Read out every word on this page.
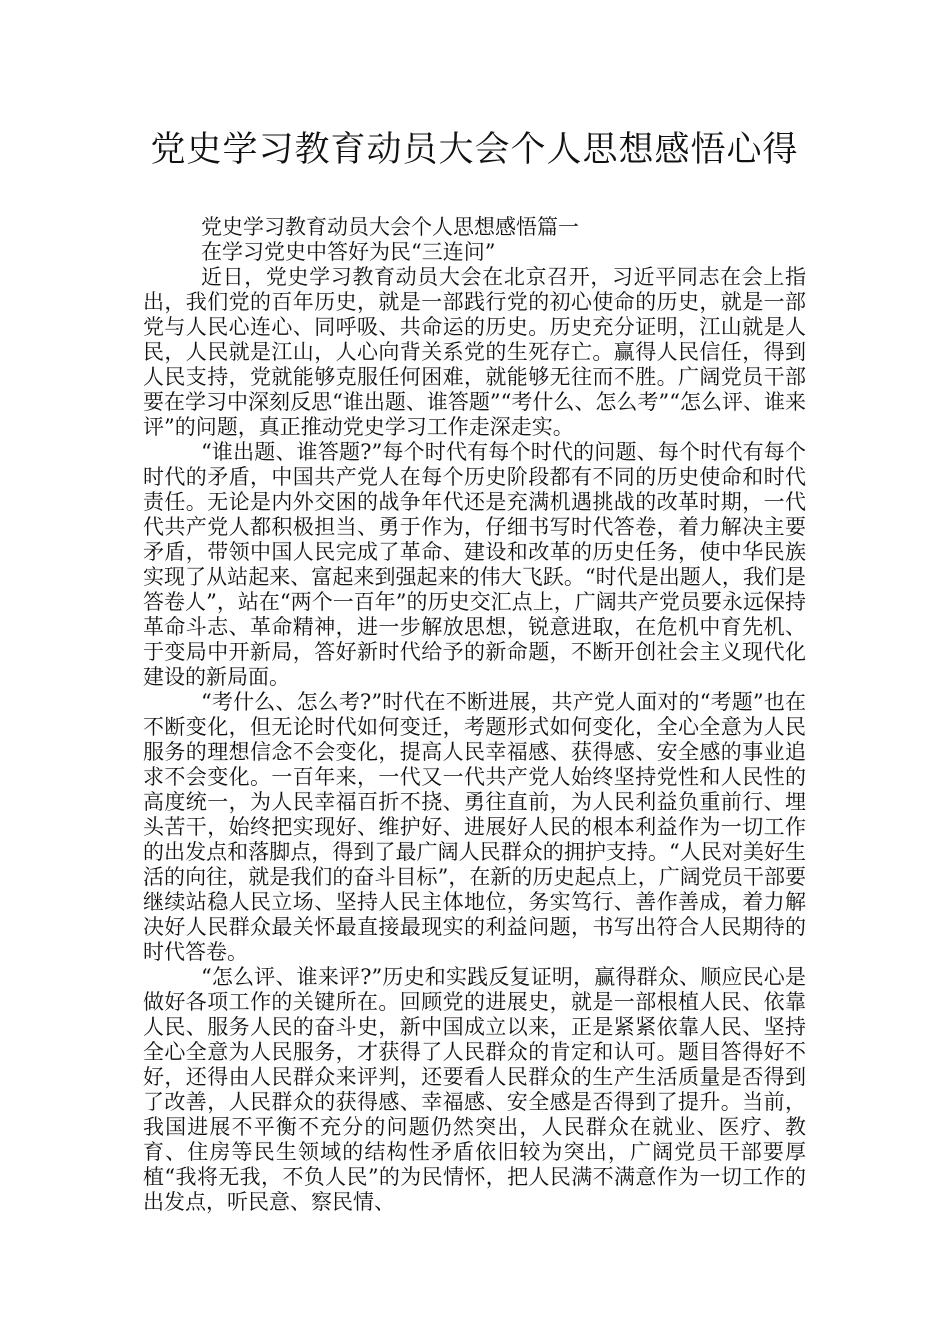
党史学习教育动员大会个人思想感悟心得

党史学习教育动员大会个人思想感悟篇一

在学习党史中答好为民“三连问”

近日，党史学习教育动员大会在北京召开，习近平同志在会上指出，我们党的百年历史，就是一部践行党的初心使命的历史，就是一部党与人民心连心、同呼吸、共命运的历史。历史充分证明，江山就是人民，人民就是江山，人心向背关系党的生死存亡。赢得人民信任，得到人民支持，党就能够克服任何困难，就能够无往而不胜。广阔党员干部要在学习中深刻反思“谁出题、谁答题”“考什么、怎么考”“怎么评、谁来评”的问题，真正推动党史学习工作走深走实。

“谁出题、谁答题?”每个时代有每个时代的问题、每个时代有每个时代的矛盾，中国共产党人在每个历史阶段都有不同的历史使命和时代责任。无论是内外交困的战争年代还是充满机遇挑战的改革时期，一代代共产党人都积极担当、勇于作为，仔细书写时代答卷，着力解决主要矛盾，带领中国人民完成了革命、建设和改革的历史任务，使中华民族实现了从站起来、富起来到强起来的伟大飞跃。“时代是出题人，我们是答卷人”，站在“两个一百年”的历史交汇点上，广阔共产党员要永远保持革命斗志、革命精神，进一步解放思想，锐意进取，在危机中育先机、于变局中开新局，答好新时代给予的新命题，不断开创社会主义现代化建设的新局面。

“考什么、怎么考?”时代在不断进展，共产党人面对的“考题”也在不断变化，但无论时代如何变迁，考题形式如何变化，全心全意为人民服务的理想信念不会变化，提高人民幸福感、获得感、安全感的事业追求不会变化。一百年来，一代又一代共产党人始终坚持党性和人民性的高度统一，为人民幸福百折不挠、勇往直前，为人民利益负重前行、埋头苦干，始终把实现好、维护好、进展好人民的根本利益作为一切工作的出发点和落脚点，得到了最广阔人民群众的拥护支持。“人民对美好生活的向往，就是我们的奋斗目标”，在新的历史起点上，广阔党员干部要继续站稳人民立场、坚持人民主体地位，务实笃行、善作善成，着力解决好人民群众最关怀最直接最现实的利益问题，书写出符合人民期待的时代答卷。

“怎么评、谁来评?”历史和实践反复证明，赢得群众、顺应民心是做好各项工作的关键所在。回顾党的进展史，就是一部根植人民、依靠人民、服务人民的奋斗史，新中国成立以来，正是紧紧依靠人民、坚持全心全意为人民服务，才获得了人民群众的肯定和认可。题目答得好不好，还得由人民群众来评判，还要看人民群众的生产生活质量是否得到了改善，人民群众的获得感、幸福感、安全感是否得到了提升。当前，我国进展不平衡不充分的问题仍然突出，人民群众在就业、医疗、教育、住房等民生领域的结构性矛盾依旧较为突出，广阔党员干部要厚植“我将无我，不负人民”的为民情怀，把人民满不满意作为一切工作的出发点，听民意、察民情、
